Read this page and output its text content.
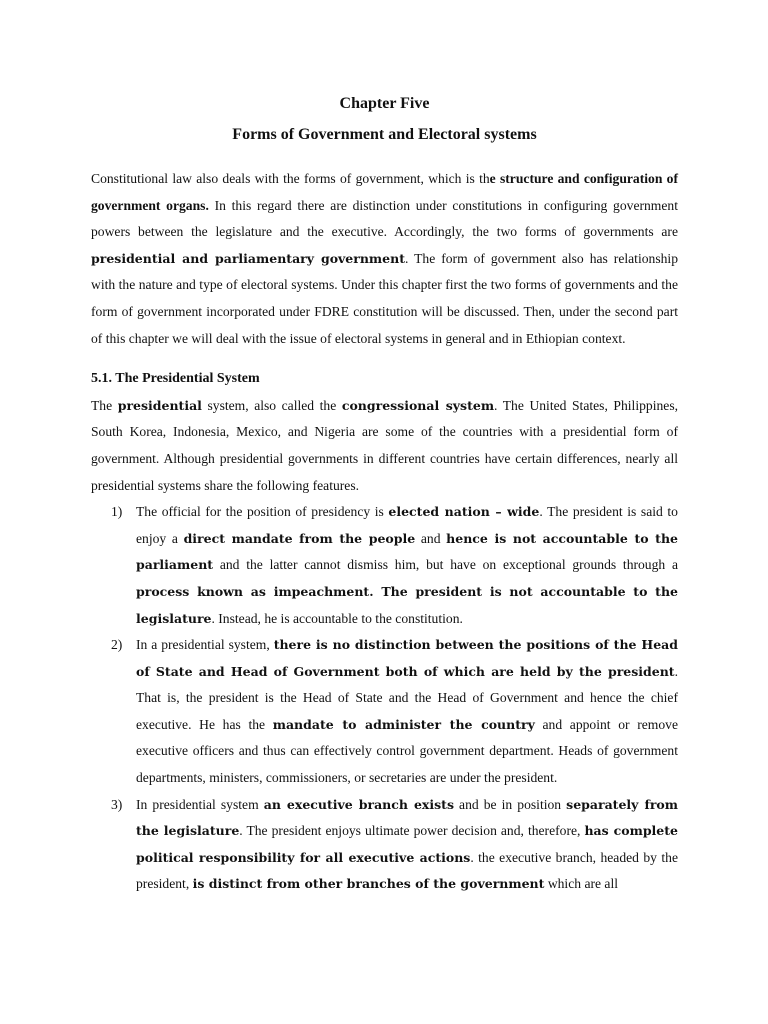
Chapter Five
Forms of Government and Electoral systems

Constitutional law also deals with the forms of government, which is the structure and configuration of government organs. In this regard there are distinction under constitutions in configuring government powers between the legislature and the executive. Accordingly, the two forms of governments are presidential and parliamentary government. The form of government also has relationship with the nature and type of electoral systems. Under this chapter first the two forms of governments and the form of government incorporated under FDRE constitution will be discussed. Then, under the second part of this chapter we will deal with the issue of electoral systems in general and in Ethiopian context.

5.1. The Presidential System

The presidential system, also called the congressional system. The United States, Philippines, South Korea, Indonesia, Mexico, and Nigeria are some of the countries with a presidential form of government. Although presidential governments in different countries have certain differences, nearly all presidential systems share the following features.

1) The official for the position of presidency is elected nation – wide. The president is said to enjoy a direct mandate from the people and hence is not accountable to the parliament and the latter cannot dismiss him, but have on exceptional grounds through a process known as impeachment. The president is not accountable to the legislature. Instead, he is accountable to the constitution.

2) In a presidential system, there is no distinction between the positions of the Head of State and Head of Government both of which are held by the president. That is, the president is the Head of State and the Head of Government and hence the chief executive. He has the mandate to administer the country and appoint or remove executive officers and thus can effectively control government department. Heads of government departments, ministers, commissioners, or secretaries are under the president.

3) In presidential system an executive branch exists and be in position separately from the legislature. The president enjoys ultimate power decision and, therefore, has complete political responsibility for all executive actions. the executive branch, headed by the president, is distinct from other branches of the government which are all
